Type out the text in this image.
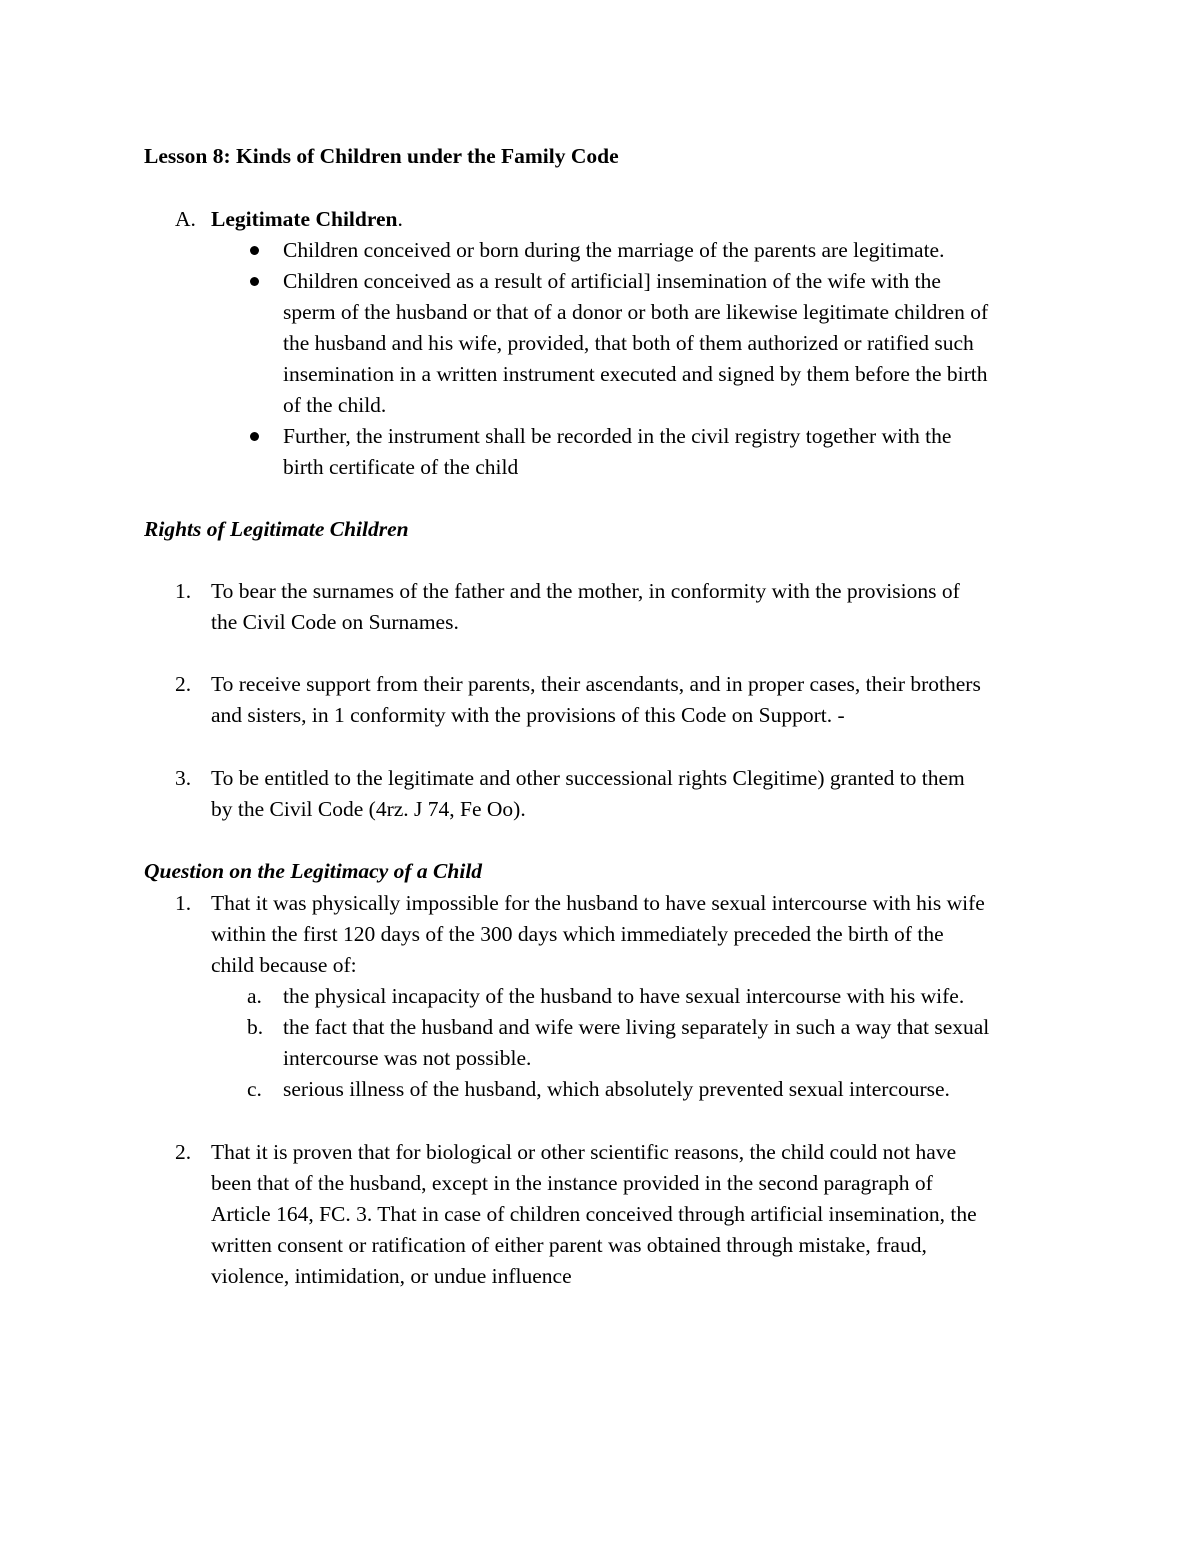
Lesson 8: Kinds of Children under the Family Code
A. Legitimate Children.
Children conceived or born during the marriage of the parents are legitimate.
Children conceived as a result of artificial] insemination of the wife with the
sperm of the husband or that of a donor or both are likewise legitimate children of
the husband and his wife, provided, that both of them authorized or ratified such
insemination in a written instrument executed and signed by them before the birth
of the child.
Further, the instrument shall be recorded in the civil registry together with the
birth certificate of the child
Rights of Legitimate Children
1. To bear the surnames of the father and the mother, in conformity with the provisions of
the Civil Code on Surnames.
2. To receive support from their parents, their ascendants, and in proper cases, their brothers
and sisters, in 1 conformity with the provisions of this Code on Support. -
3. To be entitled to the legitimate and other successional rights Clegitime) granted to them
by the Civil Code (4rz. J 74, Fe Oo).
Question on the Legitimacy of a Child
1. That it was physically impossible for the husband to have sexual intercourse with his wife
within the first 120 days of the 300 days which immediately preceded the birth of the
child because of:
a. the physical incapacity of the husband to have sexual intercourse with his wife.
b. the fact that the husband and wife were living separately in such a way that sexual
intercourse was not possible.
c. serious illness of the husband, which absolutely prevented sexual intercourse.
2. That it is proven that for biological or other scientific reasons, the child could not have
been that of the husband, except in the instance provided in the second paragraph of
Article 164, FC. 3. That in case of children conceived through artificial insemination, the
written consent or ratification of either parent was obtained through mistake, fraud,
violence, intimidation, or undue influence
